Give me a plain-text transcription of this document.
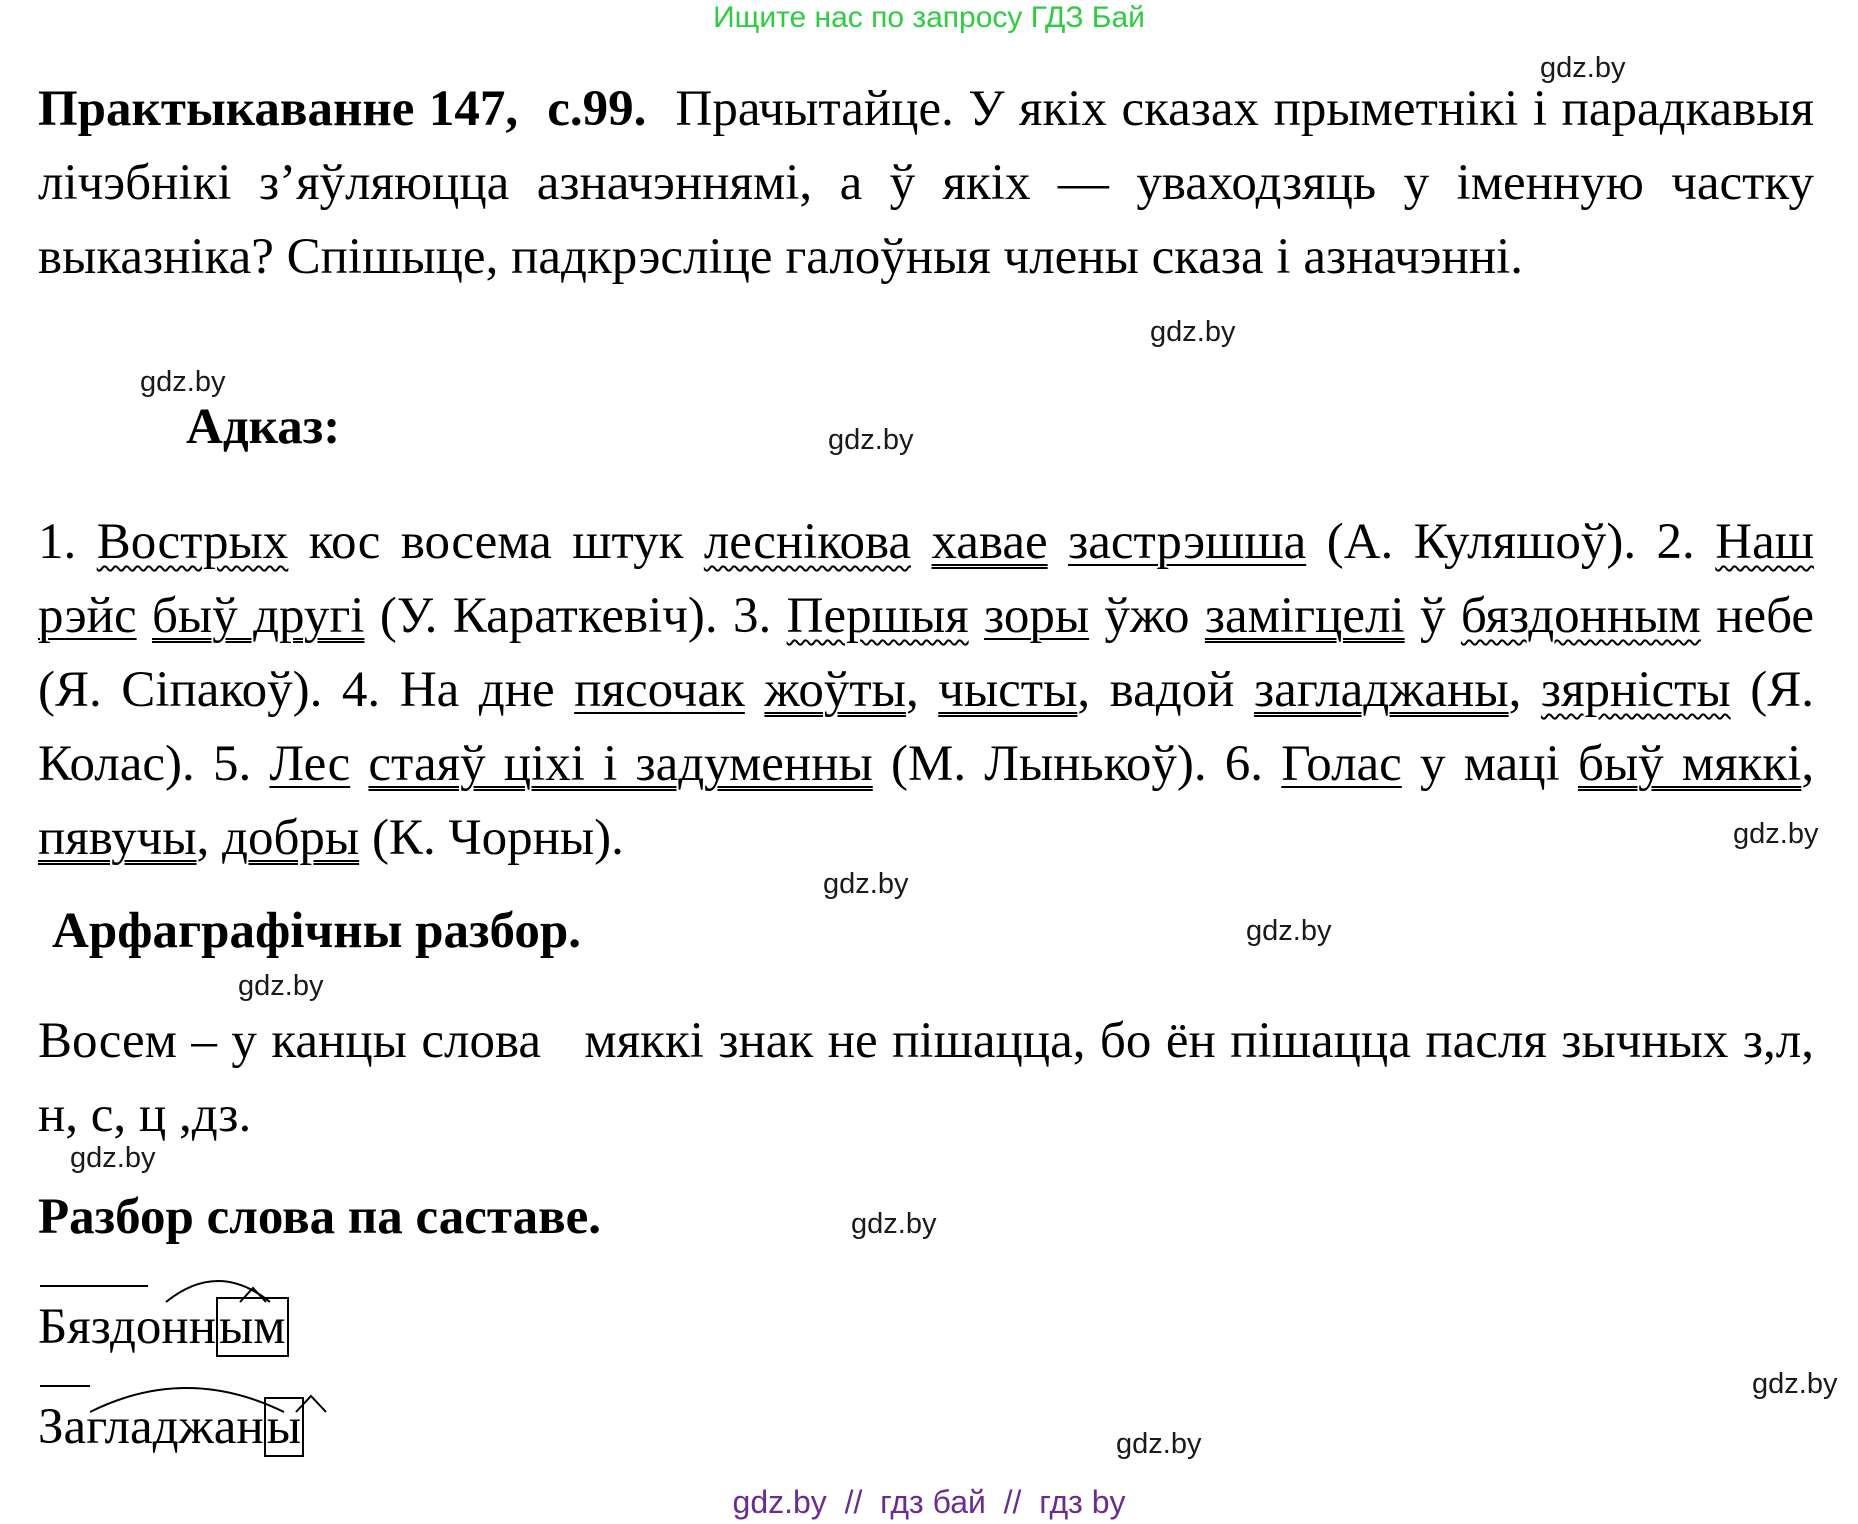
Ищите нас по запросу ГДЗ Бай
gdz.by
gdz.by
gdz.by
gdz.by
gdz.by
gdz.by
gdz.by
gdz.by
gdz.by
gdz.by
gdz.by
gdz.by
Практыкаванне 147, с.99. Прачытайце. У якіх сказах прыметнікі і парадкавыя лічэбнікі з’яўляюцца азначэннямі, а ў якіх — уваходзяць у іменную частку выказніка? Спішыце, падкрэсліце галоўныя члены сказа і азначэнні.
Адказ:
1. Вострых кос восема штук леснікова хавае застрэшша (А. Куляшоў). 2. Наш рэйс быў другі (У. Караткевіч). 3. Першыя зоры ўжо замігцелі ў бяздонным небе (Я. Сіпакоў). 4. На дне пясочак жоўты, чысты, вадой загладжаны, зярністы (Я. Колас). 5. Лес стаяў ціхі і задуменны (М. Лынькоў). 6. Голас у маці быў мяккі, пявучы, добры (К. Чорны).
Арфаграфічны разбор.
Восем – у канцы слова   мяккі знак не пішацца, бо ён пішацца пасля зычных з,л, н, с, ц ,дз.
Разбор слова па саставе.
Бяздонным
Загладжаны
gdz.by  //  гдз бай  //  гдз by
